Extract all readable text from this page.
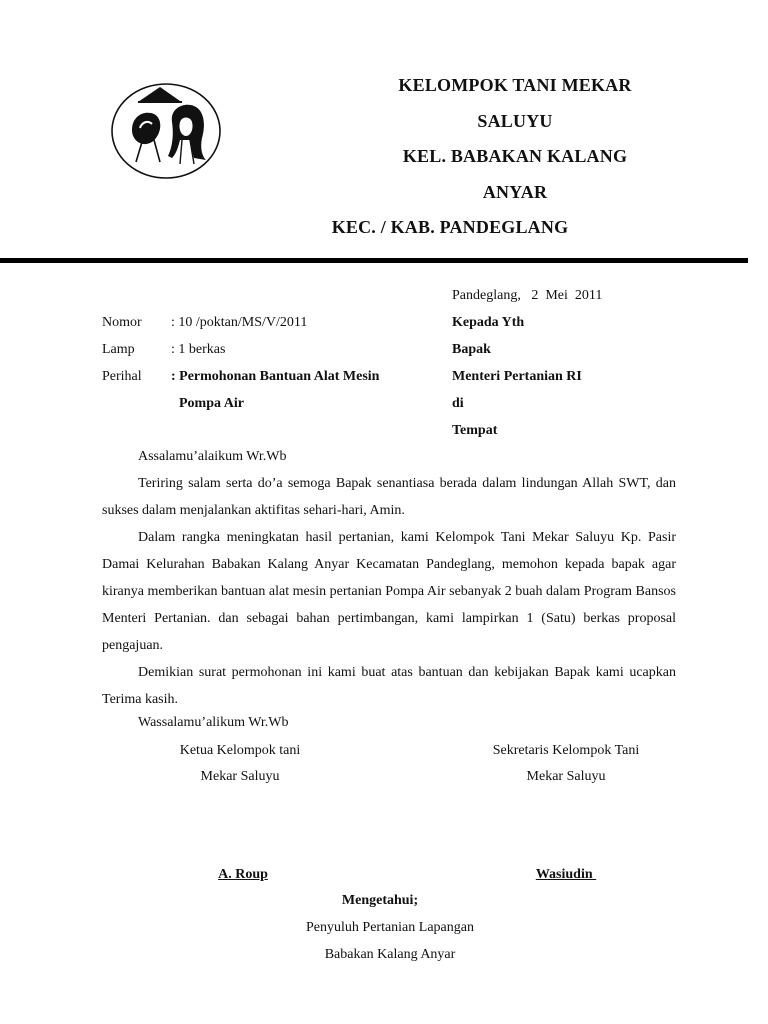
KELOMPOK TANI MEKAR
SALUYU
KEL. BABAKAN KALANG
ANYAR
KEC. / KAB. PANDEGLANG
Pandeglang,   2  Mei  2011
Nomor : 10 /poktan/MS/V/2011
Lamp	: 1 berkas
Perihal : Permohonan Bantuan Alat Mesin
Pompa Air
Kepada Yth
Bapak
Menteri Pertanian RI
di
Tempat
Assalamu’alaikum Wr.Wb
Teriring salam serta do’a semoga Bapak senantiasa berada dalam lindungan Allah SWT, dan sukses dalam menjalankan aktifitas sehari-hari, Amin.
Dalam rangka meningkatan hasil pertanian, kami Kelompok Tani Mekar Saluyu Kp. Pasir Damai Kelurahan Babakan Kalang Anyar Kecamatan Pandeglang, memohon kepada bapak agar kiranya memberikan bantuan alat mesin pertanian Pompa Air sebanyak 2 buah dalam Program Bansos Menteri Pertanian. dan sebagai bahan pertimbangan, kami lampirkan 1 (Satu) berkas proposal pengajuan.
Demikian surat permohonan ini kami buat atas bantuan dan kebijakan Bapak kami ucapkan Terima kasih.
Wassalamu’alikum Wr.Wb
Ketua Kelompok tani
Mekar Saluyu
A. Roup
Sekretaris Kelompok Tani
Mekar Saluyu
Wasiudin
Mengetahui;
Penyuluh Pertanian Lapangan
Babakan Kalang Anyar
